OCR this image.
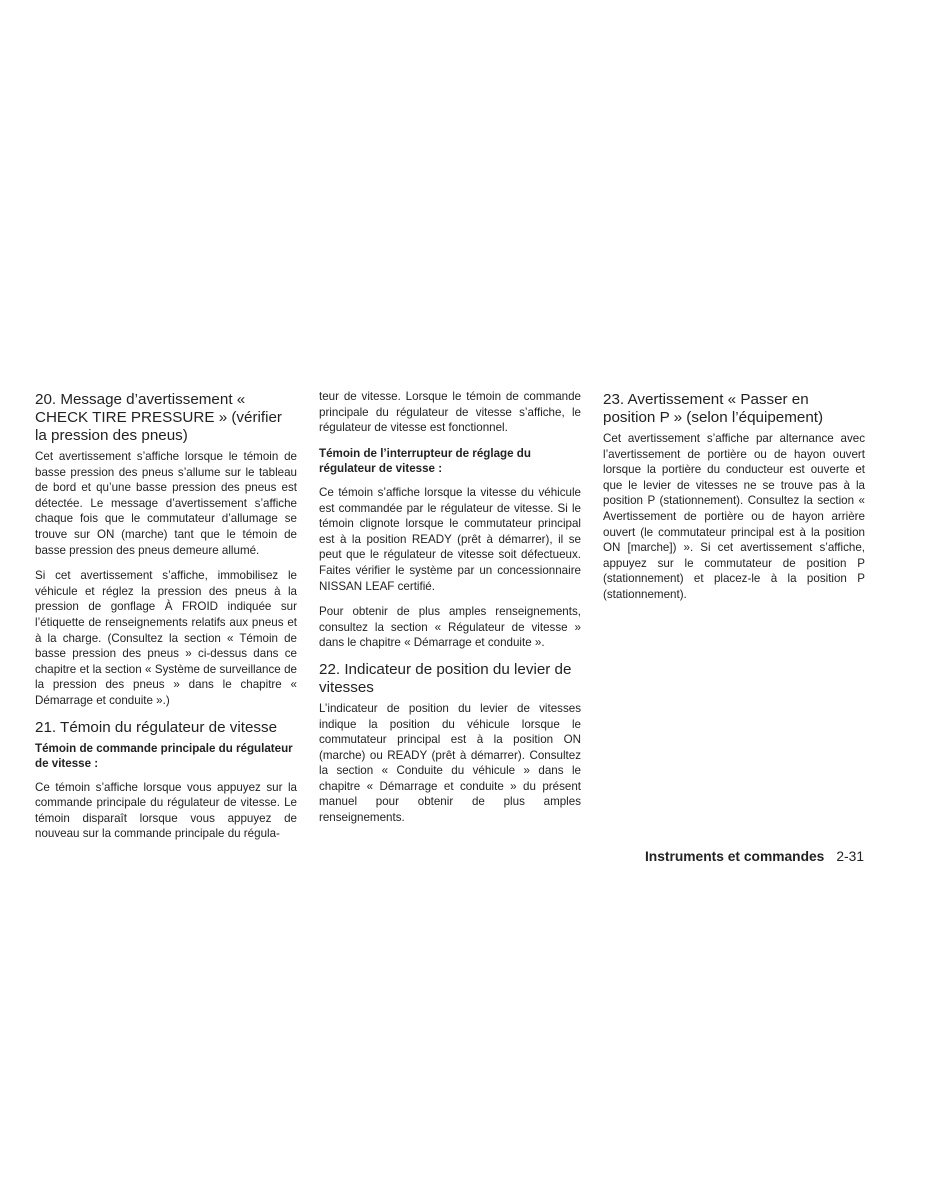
20. Message d’avertissement « CHECK TIRE PRESSURE » (vérifier la pression des pneus)

Cet avertissement s’affiche lorsque le témoin de basse pression des pneus s’allume sur le tableau de bord et qu’une basse pression des pneus est détectée. Le message d’avertissement s’affiche chaque fois que le commutateur d’allumage se trouve sur ON (marche) tant que le témoin de basse pression des pneus demeure allumé.

Si cet avertissement s’affiche, immobilisez le véhicule et réglez la pression des pneus à la pression de gonflage À FROID indiquée sur l’étiquette de renseignements relatifs aux pneus et à la charge. (Consultez la section « Témoin de basse pression des pneus » ci-dessus dans ce chapitre et la section « Système de surveillance de la pression des pneus » dans le chapitre « Démarrage et conduite ».)

21. Témoin du régulateur de vitesse
Témoin de commande principale du régulateur de vitesse :

Ce témoin s’affiche lorsque vous appuyez sur la commande principale du régulateur de vitesse. Le témoin disparaît lorsque vous appuyez de nouveau sur la commande principale du régula-

teur de vitesse. Lorsque le témoin de commande principale du régulateur de vitesse s’affiche, le régulateur de vitesse est fonctionnel.

Témoin de l’interrupteur de réglage du régulateur de vitesse :

Ce témoin s’affiche lorsque la vitesse du véhicule est commandée par le régulateur de vitesse. Si le témoin clignote lorsque le commutateur principal est à la position READY (prêt à démarrer), il se peut que le régulateur de vitesse soit défectueux. Faites vérifier le système par un concessionnaire NISSAN LEAF certifié.

Pour obtenir de plus amples renseignements, consultez la section « Régulateur de vitesse » dans le chapitre « Démarrage et conduite ».

22. Indicateur de position du levier de vitesses

L’indicateur de position du levier de vitesses indique la position du véhicule lorsque le commutateur principal est à la position ON (marche) ou READY (prêt à démarrer). Consultez la section « Conduite du véhicule » dans le chapitre « Démarrage et conduite » du présent manuel pour obtenir de plus amples renseignements.

23. Avertissement « Passer en position P » (selon l’équipement)

Cet avertissement s’affiche par alternance avec l’avertissement de portière ou de hayon ouvert lorsque la portière du conducteur est ouverte et que le levier de vitesses ne se trouve pas à la position P (stationnement). Consultez la section « Avertissement de portière ou de hayon arrière ouvert (le commutateur principal est à la position ON [marche]) ». Si cet avertissement s’affiche, appuyez sur le commutateur de position P (stationnement) et placez-le à la position P (stationnement).

Instruments et commandes 2-31
